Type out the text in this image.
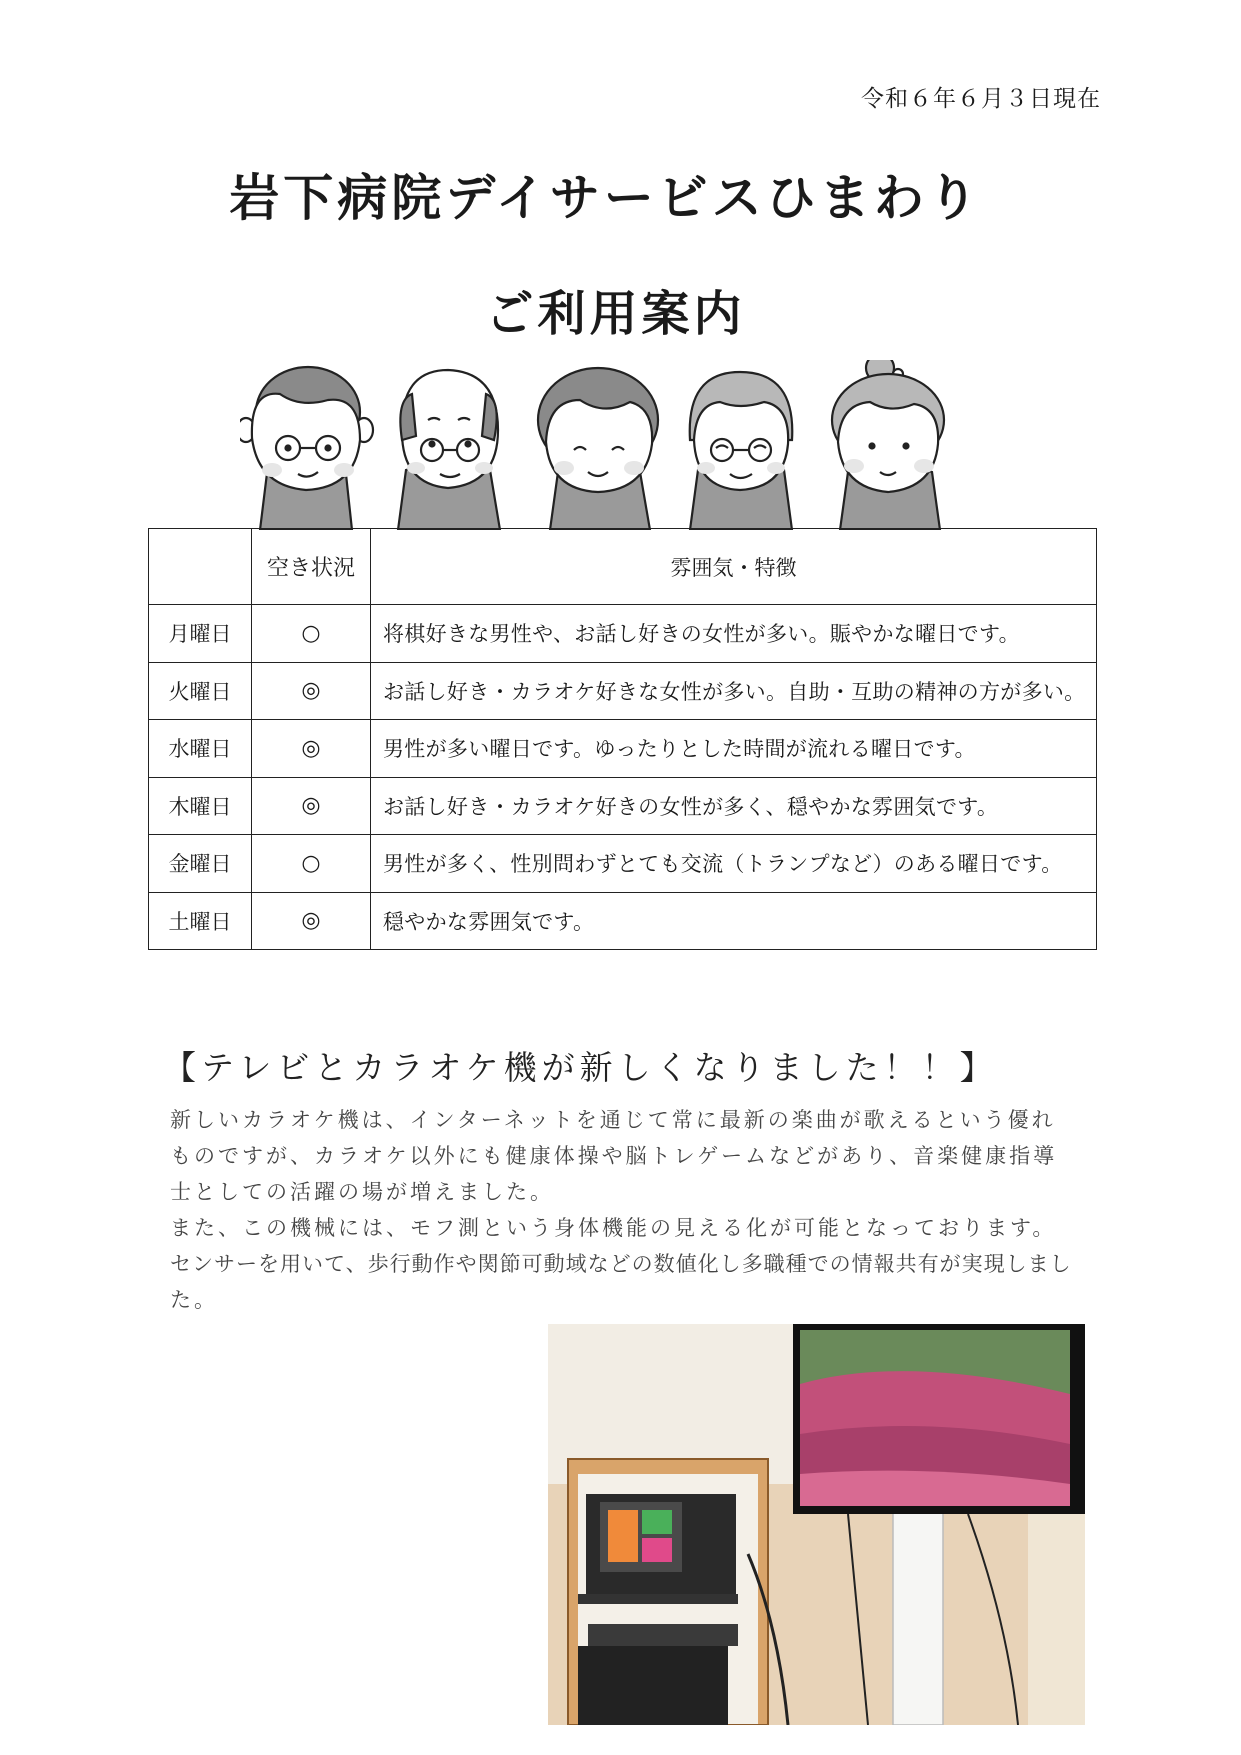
令和６年６月３日現在
岩下病院デイサービスひまわり
ご利用案内
	空き状況	雰囲気・特徴
月曜日	○	将棋好きな男性や、お話し好きの女性が多い。賑やかな曜日です。
火曜日	◎	お話し好き・カラオケ好きな女性が多い。自助・互助の精神の方が多い。
水曜日	◎	男性が多い曜日です。ゆったりとした時間が流れる曜日です。
木曜日	◎	お話し好き・カラオケ好きの女性が多く、穏やかな雰囲気です。
金曜日	○	男性が多く、性別問わずとても交流（トランプなど）のある曜日です。
土曜日	◎	穏やかな雰囲気です。
【テレビとカラオケ機が新しくなりました！！】

新しいカラオケ機は、インターネットを通じて常に最新の楽曲が歌えるという優れ

ものですが、カラオケ以外にも健康体操や脳トレゲームなどがあり、音楽健康指導

士としての活躍の場が増えました。

また、この機械には、モフ測という身体機能の見える化が可能となっております。

センサーを用いて、歩行動作や関節可動域などの数値化し多職種での情報共有が実現しまし

た。
